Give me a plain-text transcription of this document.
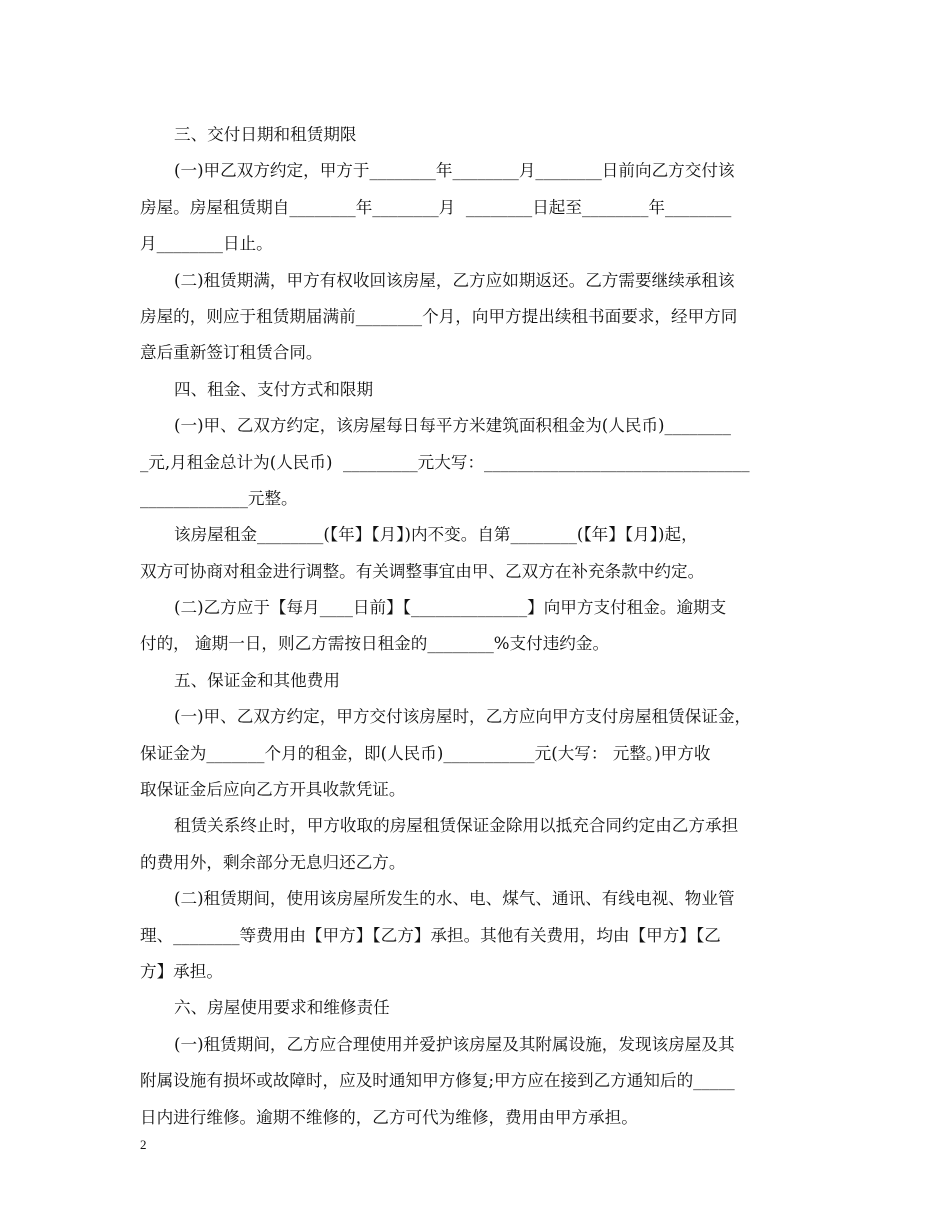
三、交付日期和租赁期限
(一)甲乙双方约定，甲方于________年________月________日前向乙方交付该
房屋。房屋租赁期自________年________月  ________日起至________年________
月________日止。
(二)租赁期满，甲方有权收回该房屋，乙方应如期返还。乙方需要继续承租该
房屋的，则应于租赁期届满前________个月，向甲方提出续租书面要求，经甲方同
意后重新签订租赁合同。
四、租金、支付方式和限期
(一)甲、乙双方约定，该房屋每日每平方米建筑面积租金为(人民币)________
_元,月租金总计为(人民币)  _________元大写：________________________________
_____________元整。
该房屋租金________(【年】【月】)内不变。自第________(【年】【月】)起，
双方可协商对租金进行调整。有关调整事宜由甲、乙双方在补充条款中约定。
(二)乙方应于【每月____日前】【______________】向甲方支付租金。逾期支
付的， 逾期一日，则乙方需按日租金的________%支付违约金。
五、保证金和其他费用
(一)甲、乙双方约定，甲方交付该房屋时，乙方应向甲方支付房屋租赁保证金，
保证金为_______个月的租金，即(人民币)___________元(大写： 元整。)甲方收
取保证金后应向乙方开具收款凭证。
租赁关系终止时，甲方收取的房屋租赁保证金除用以抵充合同约定由乙方承担
的费用外，剩余部分无息归还乙方。
(二)租赁期间，使用该房屋所发生的水、电、煤气、通讯、有线电视、物业管
理、________等费用由【甲方】【乙方】承担。其他有关费用，均由【甲方】【乙
方】承担。
六、房屋使用要求和维修责任
(一)租赁期间，乙方应合理使用并爱护该房屋及其附属设施，发现该房屋及其
附属设施有损坏或故障时，应及时通知甲方修复;甲方应在接到乙方通知后的_____
日内进行维修。逾期不维修的，乙方可代为维修，费用由甲方承担。
2
